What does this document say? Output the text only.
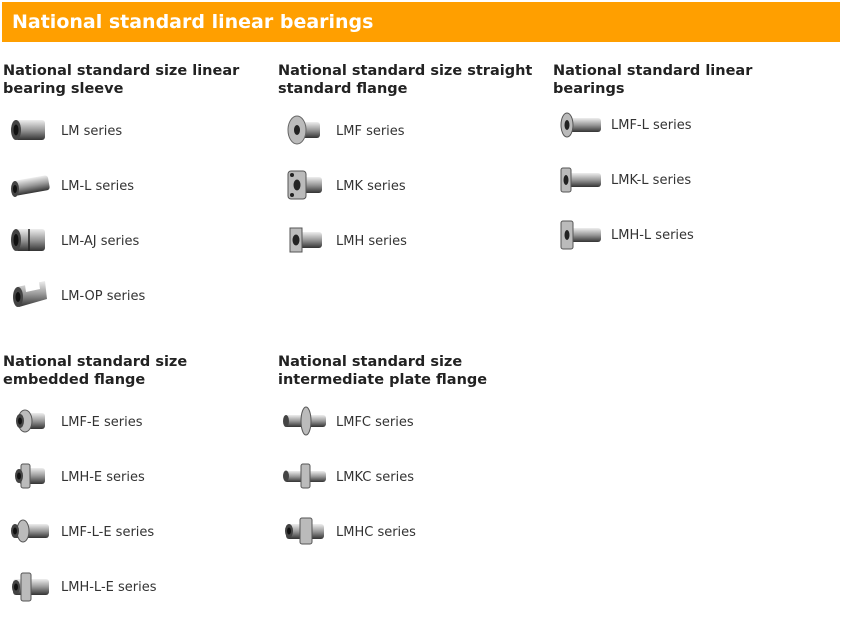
National standard linear bearings
National standard size linear bearing sleeve
LM series
LM-L series
LM-AJ series
LM-OP series
National standard size straight standard flange
LMF series
LMK series
LMH series
National standard linear bearings
LMF-L series
LMK-L series
LMH-L series
National standard size embedded flange
LMF-E series
LMH-E series
LMF-L-E series
LMH-L-E series
National standard size intermediate plate flange
LMFC series
LMKC series
LMHC series
